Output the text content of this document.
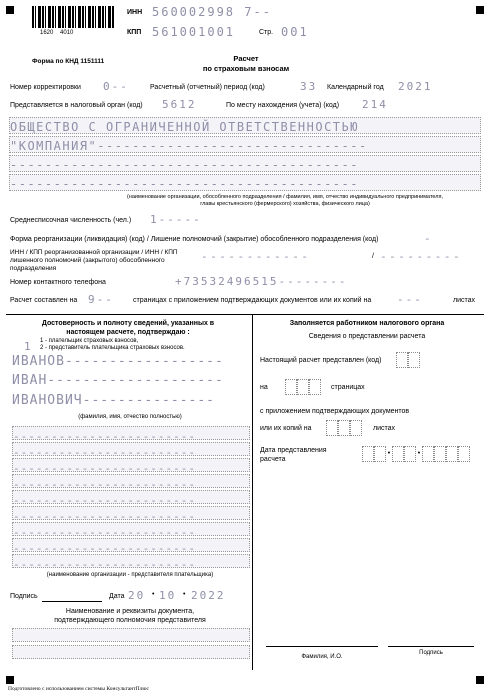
1620    4010
ИНН 560002998 7--
КПП 561001001	Стр. 001
Форма по КНД 1151111	Расчет
по страховым взносам
Номер корректировки 0--	Расчетный (отчетный) период (код)	33 Календарный год 2021
Представляется в налоговый орган (код) 5612	По месту нахождения (учета) (код) 214
ОБЩЕСТВО С ОГРАНИЧЕННОЙ ОТВЕТСТВЕННОСТЬЮ
"КОМПАНИЯ"-------------------------------
----------------------------------------
----------------------------------------
(наименование организации, обособленного подразделения / фамилия, имя, отчество индивидуального предпринимателя, главы крестьянского (фермерского) хозяйства, физического лица)
Среднесписочная численность (чел.) 1-----
Форма реорганизации (ликвидация) (код) / Лишение полномочий (закрытие) обособленного подразделения (код)	-
ИНН / КПП реорганизованной организации / ИНН / КПП лишенного полномочий (закрытого) обособленного подразделения
------------	/ ---------
Номер контактного телефона	+73532496515--------
Расчет составлен на 9--	страницах с приложением подтверждающих документов или их копий на ---	листах
Достоверность и полноту сведений, указанных в настоящем расчете, подтверждаю :
1 1 - плательщик страховых взносов,
2 - представитель плательщика страховых взносов.
ИВАНОВ------------------
ИВАН--------------------
ИВАНОВИЧ---------------
(фамилия, имя, отчество полностью)
------------------------
------------------------
------------------------
------------------------
------------------------
------------------------
------------------------
------------------------
------------------------
(наименование организации - представителя плательщика)
Подпись	Дата 20 • 10 • 2022
Наименование и реквизиты документа, подтверждающего полномочия представителя
Заполняется работником налогового органа
Сведения о представлении расчета
Настоящий расчет представлен (код)
на	страницах
с приложением подтверждающих документов
или их копий на	листах
Дата представления расчета
•	•
Фамилия, И.О.
Подпись
Подготовлено с использованием системы КонсультантПлюс
